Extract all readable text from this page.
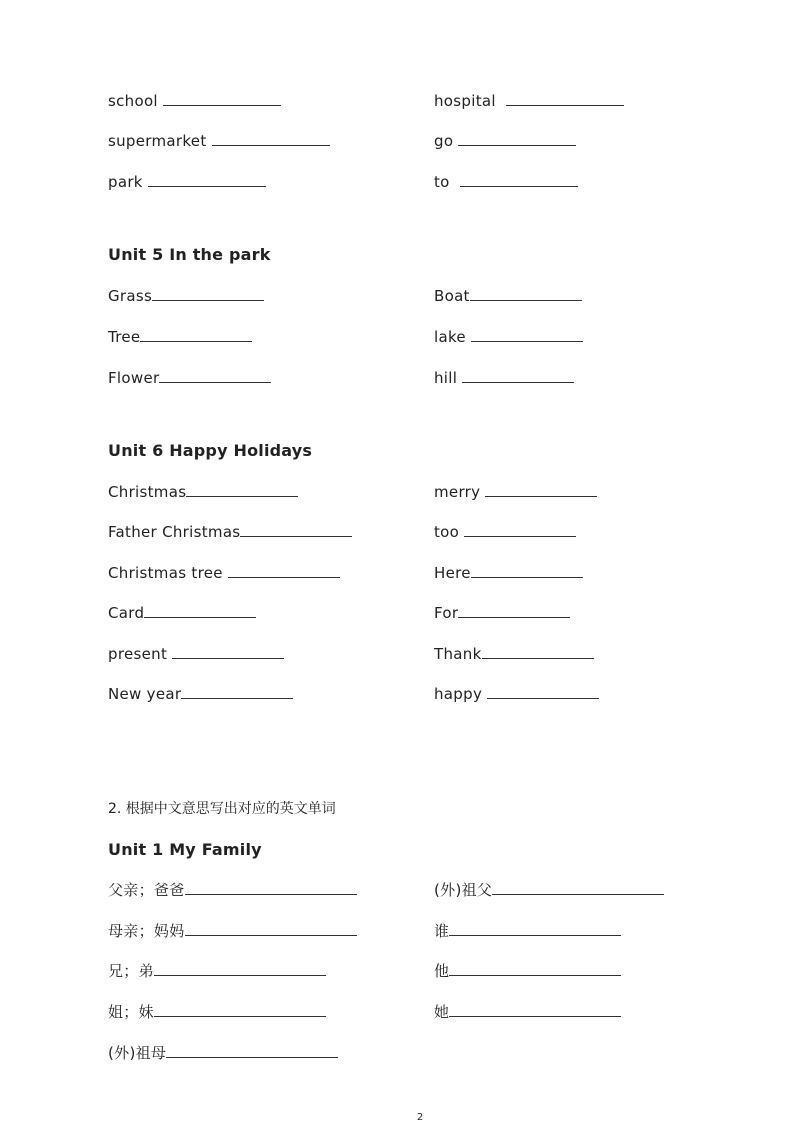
school
supermarket
park
hospital
go
to
Unit 5 In the park
Grass
Tree
Flower
Boat
lake
hill
Unit 6 Happy Holidays
Christmas
Father Christmas
Christmas tree
Card
present
New year
merry
too
Here
For
Thank
happy
2. 根据中文意思写出对应的英文单词
Unit 1 My Family
父亲；爸爸
母亲；妈妈
兄；弟
姐；妹
(外)祖母
(外)祖父
谁
他
她
2
